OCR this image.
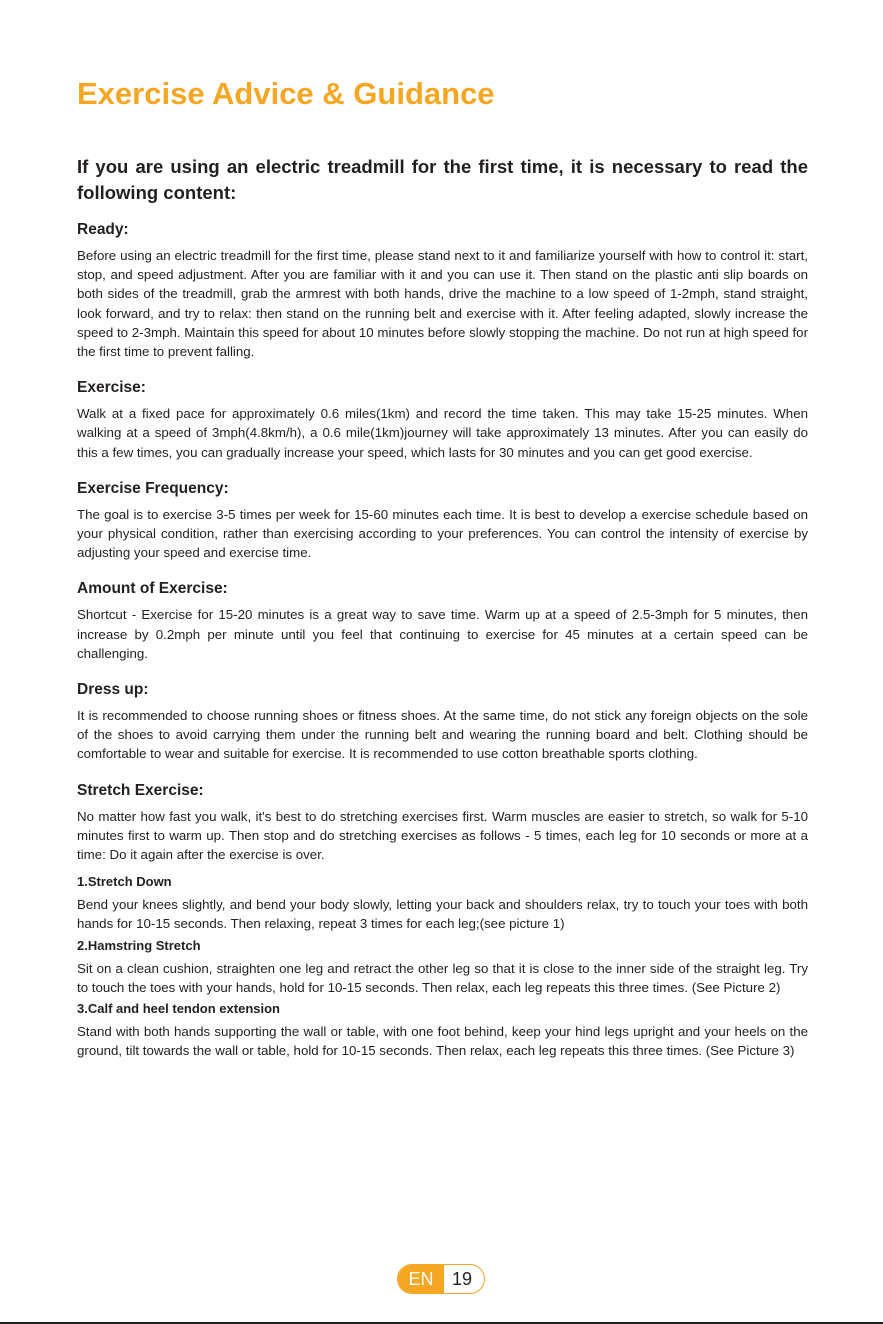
Exercise Advice & Guidance

If you are using an electric treadmill for the first time, it is necessary to read the following content:

Ready:

Before using an electric treadmill for the first time, please stand next to it and familiarize yourself with how to control it: start, stop, and speed adjustment. After you are familiar with it and you can use it. Then stand on the plastic anti slip boards on both sides of the treadmill, grab the armrest with both hands, drive the machine to a low speed of 1-2mph, stand straight, look forward, and try to relax: then stand on the running belt and exercise with it. After feeling adapted, slowly increase the speed to 2-3mph. Maintain this speed for about 10 minutes before slowly stopping the machine. Do not run at high speed for the first time to prevent falling.

Exercise:

Walk at a fixed pace for approximately 0.6 miles(1km) and record the time taken. This may take 15-25 minutes. When walking at a speed of 3mph(4.8km/h), a 0.6 mile(1km)journey will take approximately 13 minutes. After you can easily do this a few times, you can gradually increase your speed, which lasts for 30 minutes and you can get good exercise.

Exercise Frequency:

The goal is to exercise 3-5 times per week for 15-60 minutes each time. It is best to develop a exercise schedule based on your physical condition, rather than exercising according to your preferences. You can control the intensity of exercise by adjusting your speed and exercise time.

Amount of Exercise:

Shortcut - Exercise for 15-20 minutes is a great way to save time. Warm up at a speed of 2.5-3mph for 5 minutes, then increase by 0.2mph per minute until you feel that continuing to exercise for 45 minutes at a certain speed can be challenging.

Dress up:

It is recommended to choose running shoes or fitness shoes. At the same time, do not stick any foreign objects on the sole of the shoes to avoid carrying them under the running belt and wearing the running board and belt. Clothing should be comfortable to wear and suitable for exercise. It is recommended to use cotton breathable sports clothing.

Stretch Exercise:

No matter how fast you walk, it's best to do stretching exercises first. Warm muscles are easier to stretch, so walk for 5-10 minutes first to warm up. Then stop and do stretching exercises as follows - 5 times, each leg for 10 seconds or more at a time: Do it again after the exercise is over.

1.Stretch Down

Bend your knees slightly, and bend your body slowly, letting your back and shoulders relax, try to touch your toes with both hands for 10-15 seconds. Then relaxing, repeat 3 times for each leg;(see picture 1)

2.Hamstring Stretch

Sit on a clean cushion, straighten one leg and retract the other leg so that it is close to the inner side of the straight leg. Try to touch the toes with your hands, hold for 10-15 seconds. Then relax, each leg repeats this three times. (See Picture 2)

3.Calf and heel tendon extension

Stand with both hands supporting the wall or table, with one foot behind, keep your hind legs upright and your heels on the ground, tilt towards the wall or table, hold for 10-15 seconds. Then relax, each leg repeats this three times. (See Picture 3)

EN	19
